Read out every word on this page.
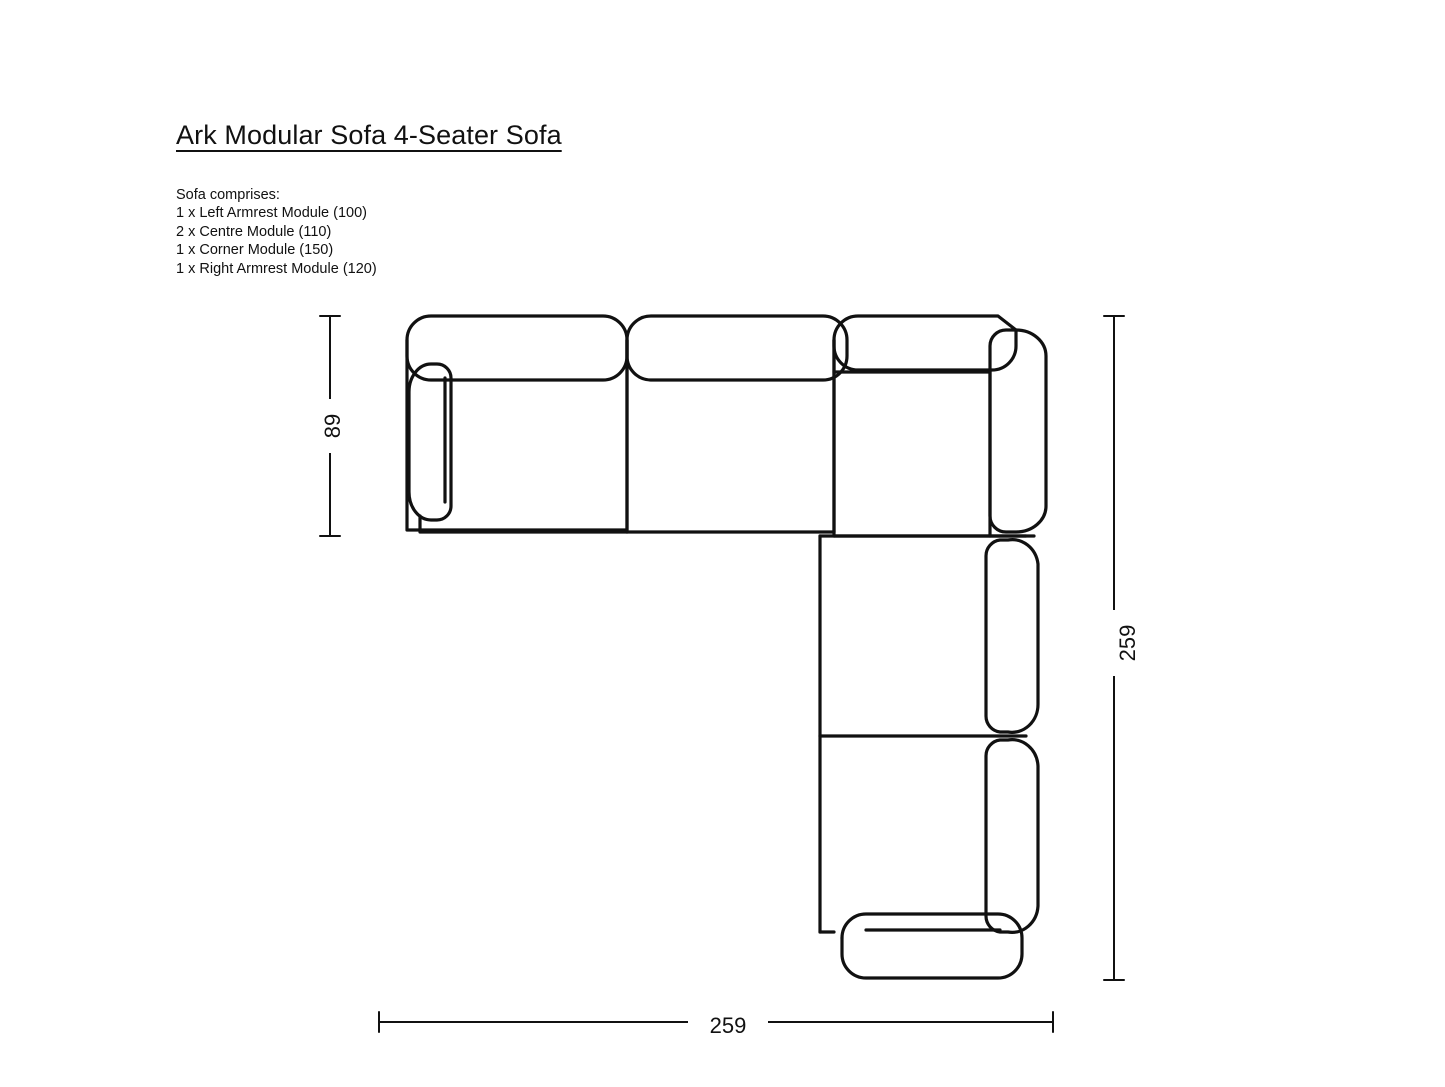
Ark Modular Sofa 4-Seater Sofa
Sofa comprises:
1 x Left Armrest Module (100)
2 x Centre Module (110)
1 x Corner Module (150)
1 x Right Armrest Module (120)
89
259
259
